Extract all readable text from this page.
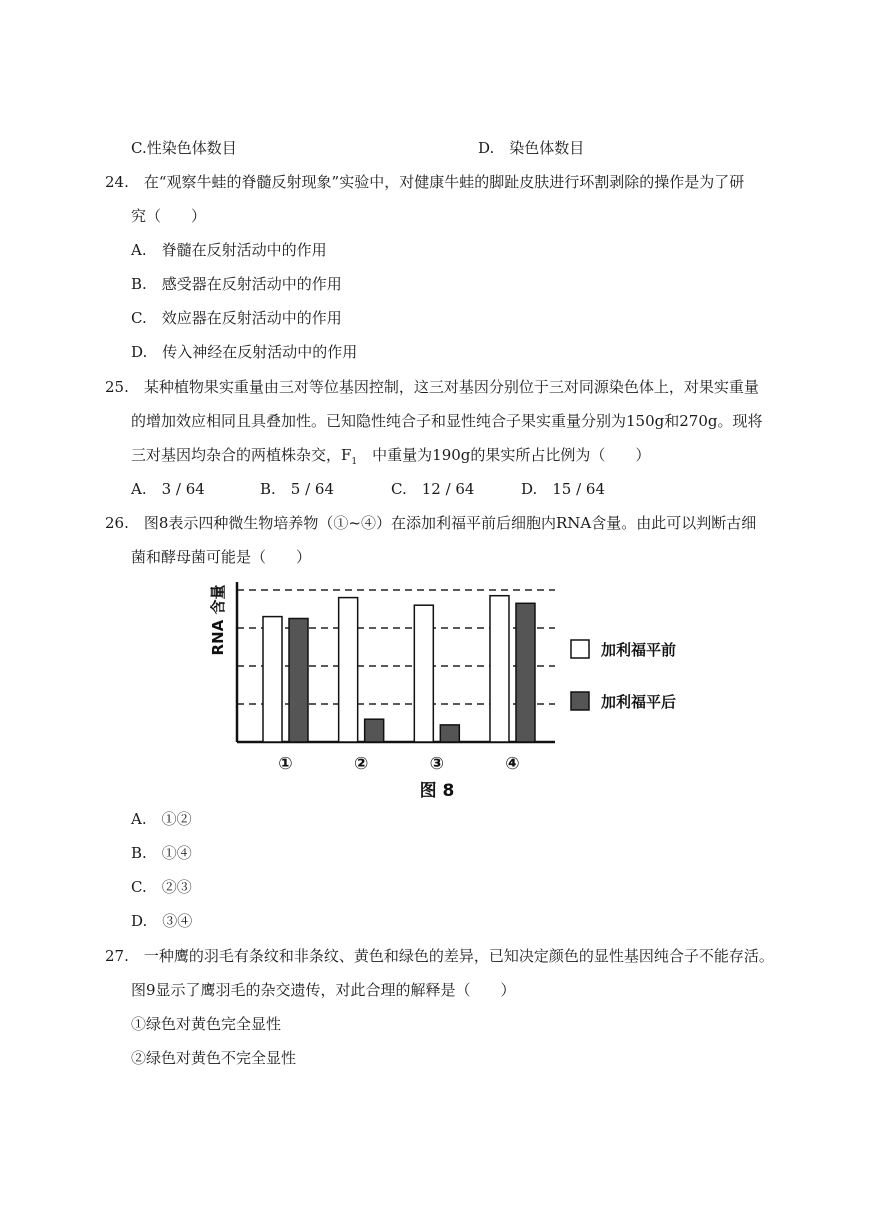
C.性染色体数目	D.　染色体数目
24.　在“观察牛蛙的脊髓反射现象”实验中，对健康牛蛙的脚趾皮肤进行环割剥除的操作是为了研
究（　　）
A.　脊髓在反射活动中的作用
B.　感受器在反射活动中的作用
C.　效应器在反射活动中的作用
D.　传入神经在反射活动中的作用
25.　某种植物果实重量由三对等位基因控制，这三对基因分别位于三对同源染色体上，对果实重量
的增加效应相同且具叠加性。已知隐性纯合子和显性纯合子果实重量分别为150g和270g。现将
三对基因均杂合的两植株杂交，$F_1$　中重量为190g的果实所占比例为（　　）
A.　3 / 64	B.　5 / 64	C.　12 / 64	D.　15 / 64
26.　图8表示四种微生物培养物（①~④）在添加利福平前后细胞内RNA含量。由此可以判断古细
菌和酵母菌可能是（　　）
RNA 含量
①	②	③	④
加利福平前
加利福平后
图 8
A.　①②
B.　①④
C.　②③
D.　③④
27.　一种鹰的羽毛有条纹和非条纹、黄色和绿色的差异，已知决定颜色的显性基因纯合子不能存活。
图9显示了鹰羽毛的杂交遗传，对此合理的解释是（　　）
①绿色对黄色完全显性
②绿色对黄色不完全显性
